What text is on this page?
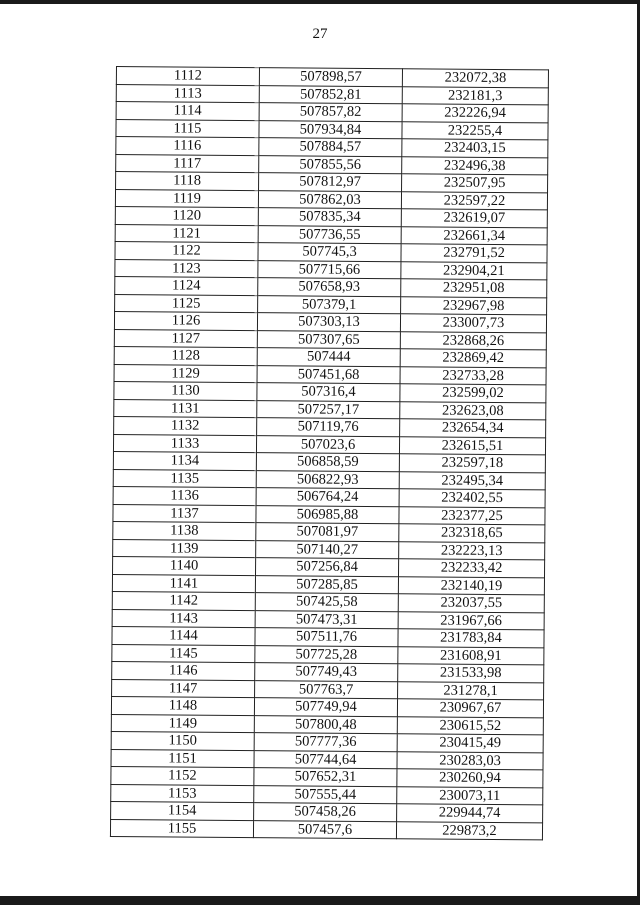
27
1112	507898,57	232072,38
1113	507852,81	232181,3
1114	507857,82	232226,94
1115	507934,84	232255,4
1116	507884,57	232403,15
1117	507855,56	232496,38
1118	507812,97	232507,95
1119	507862,03	232597,22
1120	507835,34	232619,07
1121	507736,55	232661,34
1122	507745,3	232791,52
1123	507715,66	232904,21
1124	507658,93	232951,08
1125	507379,1	232967,98
1126	507303,13	233007,73
1127	507307,65	232868,26
1128	507444	232869,42
1129	507451,68	232733,28
1130	507316,4	232599,02
1131	507257,17	232623,08
1132	507119,76	232654,34
1133	507023,6	232615,51
1134	506858,59	232597,18
1135	506822,93	232495,34
1136	506764,24	232402,55
1137	506985,88	232377,25
1138	507081,97	232318,65
1139	507140,27	232223,13
1140	507256,84	232233,42
1141	507285,85	232140,19
1142	507425,58	232037,55
1143	507473,31	231967,66
1144	507511,76	231783,84
1145	507725,28	231608,91
1146	507749,43	231533,98
1147	507763,7	231278,1
1148	507749,94	230967,67
1149	507800,48	230615,52
1150	507777,36	230415,49
1151	507744,64	230283,03
1152	507652,31	230260,94
1153	507555,44	230073,11
1154	507458,26	229944,74
1155	507457,6	229873,2
